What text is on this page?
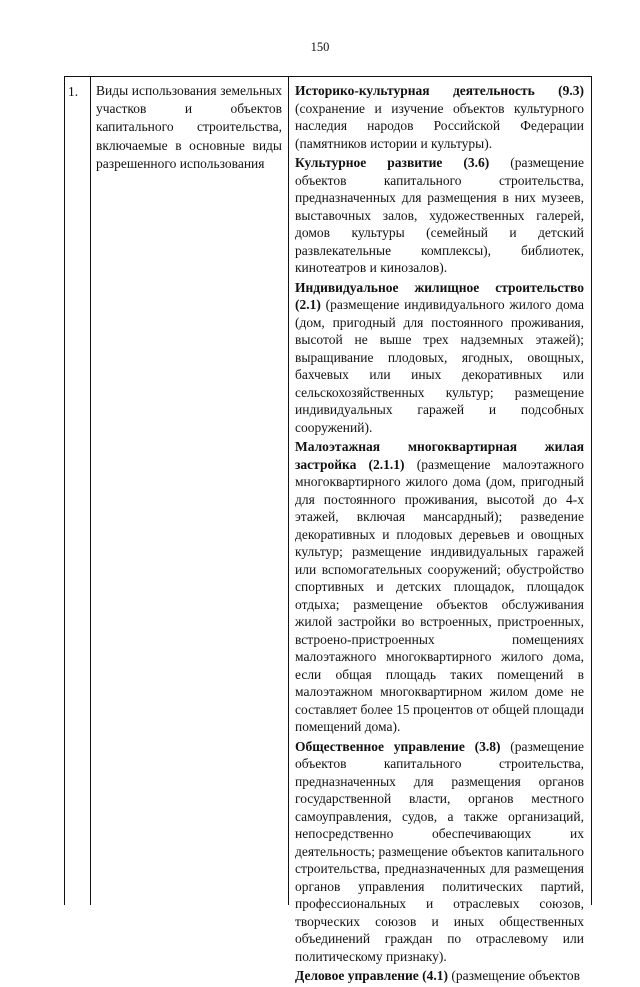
150
1. Виды использования земельных участков и объектов капитального строительства, включаемые в основные виды разрешенного использования

Историко-культурная деятельность (9.3) (сохранение и изучение объектов культурного наследия народов Российской Федерации (памятников истории и культуры).

Культурное развитие (3.6) (размещение объектов капитального строительства, предназначенных для размещения в них музеев, выставочных залов, художественных галерей, домов культуры (семейный и детский развлекательные комплексы), библиотек, кинотеатров и кинозалов).

Индивидуальное жилищное строительство (2.1) (размещение индивидуального жилого дома (дом, пригодный для постоянного проживания, высотой не выше трех надземных этажей); выращивание плодовых, ягодных, овощных, бахчевых или иных декоративных или сельскохозяйственных культур; размещение индивидуальных гаражей и подсобных сооружений).

Малоэтажная многоквартирная жилая застройка (2.1.1) (размещение малоэтажного многоквартирного жилого дома (дом, пригодный для постоянного проживания, высотой до 4-х этажей, включая мансардный); разведение декоративных и плодовых деревьев и овощных культур; размещение индивидуальных гаражей или вспомогательных сооружений; обустройство спортивных и детских площадок, площадок отдыха; размещение объектов обслуживания жилой застройки во встроенных, пристроенных, встроено-пристроенных помещениях малоэтажного многоквартирного жилого дома, если общая площадь таких помещений в малоэтажном многоквартирном жилом доме не составляет более 15 процентов от общей площади помещений дома).

Общественное управление (3.8) (размещение объектов капитального строительства, предназначенных для размещения органов государственной власти, органов местного самоуправления, судов, а также организаций, непосредственно обеспечивающих их деятельность; размещение объектов капитального строительства, предназначенных для размещения органов управления политических партий, профессиональных и отраслевых союзов, творческих союзов и иных общественных объединений граждан по отраслевому или политическому признаку).

Деловое управление (4.1) (размещение объектов
